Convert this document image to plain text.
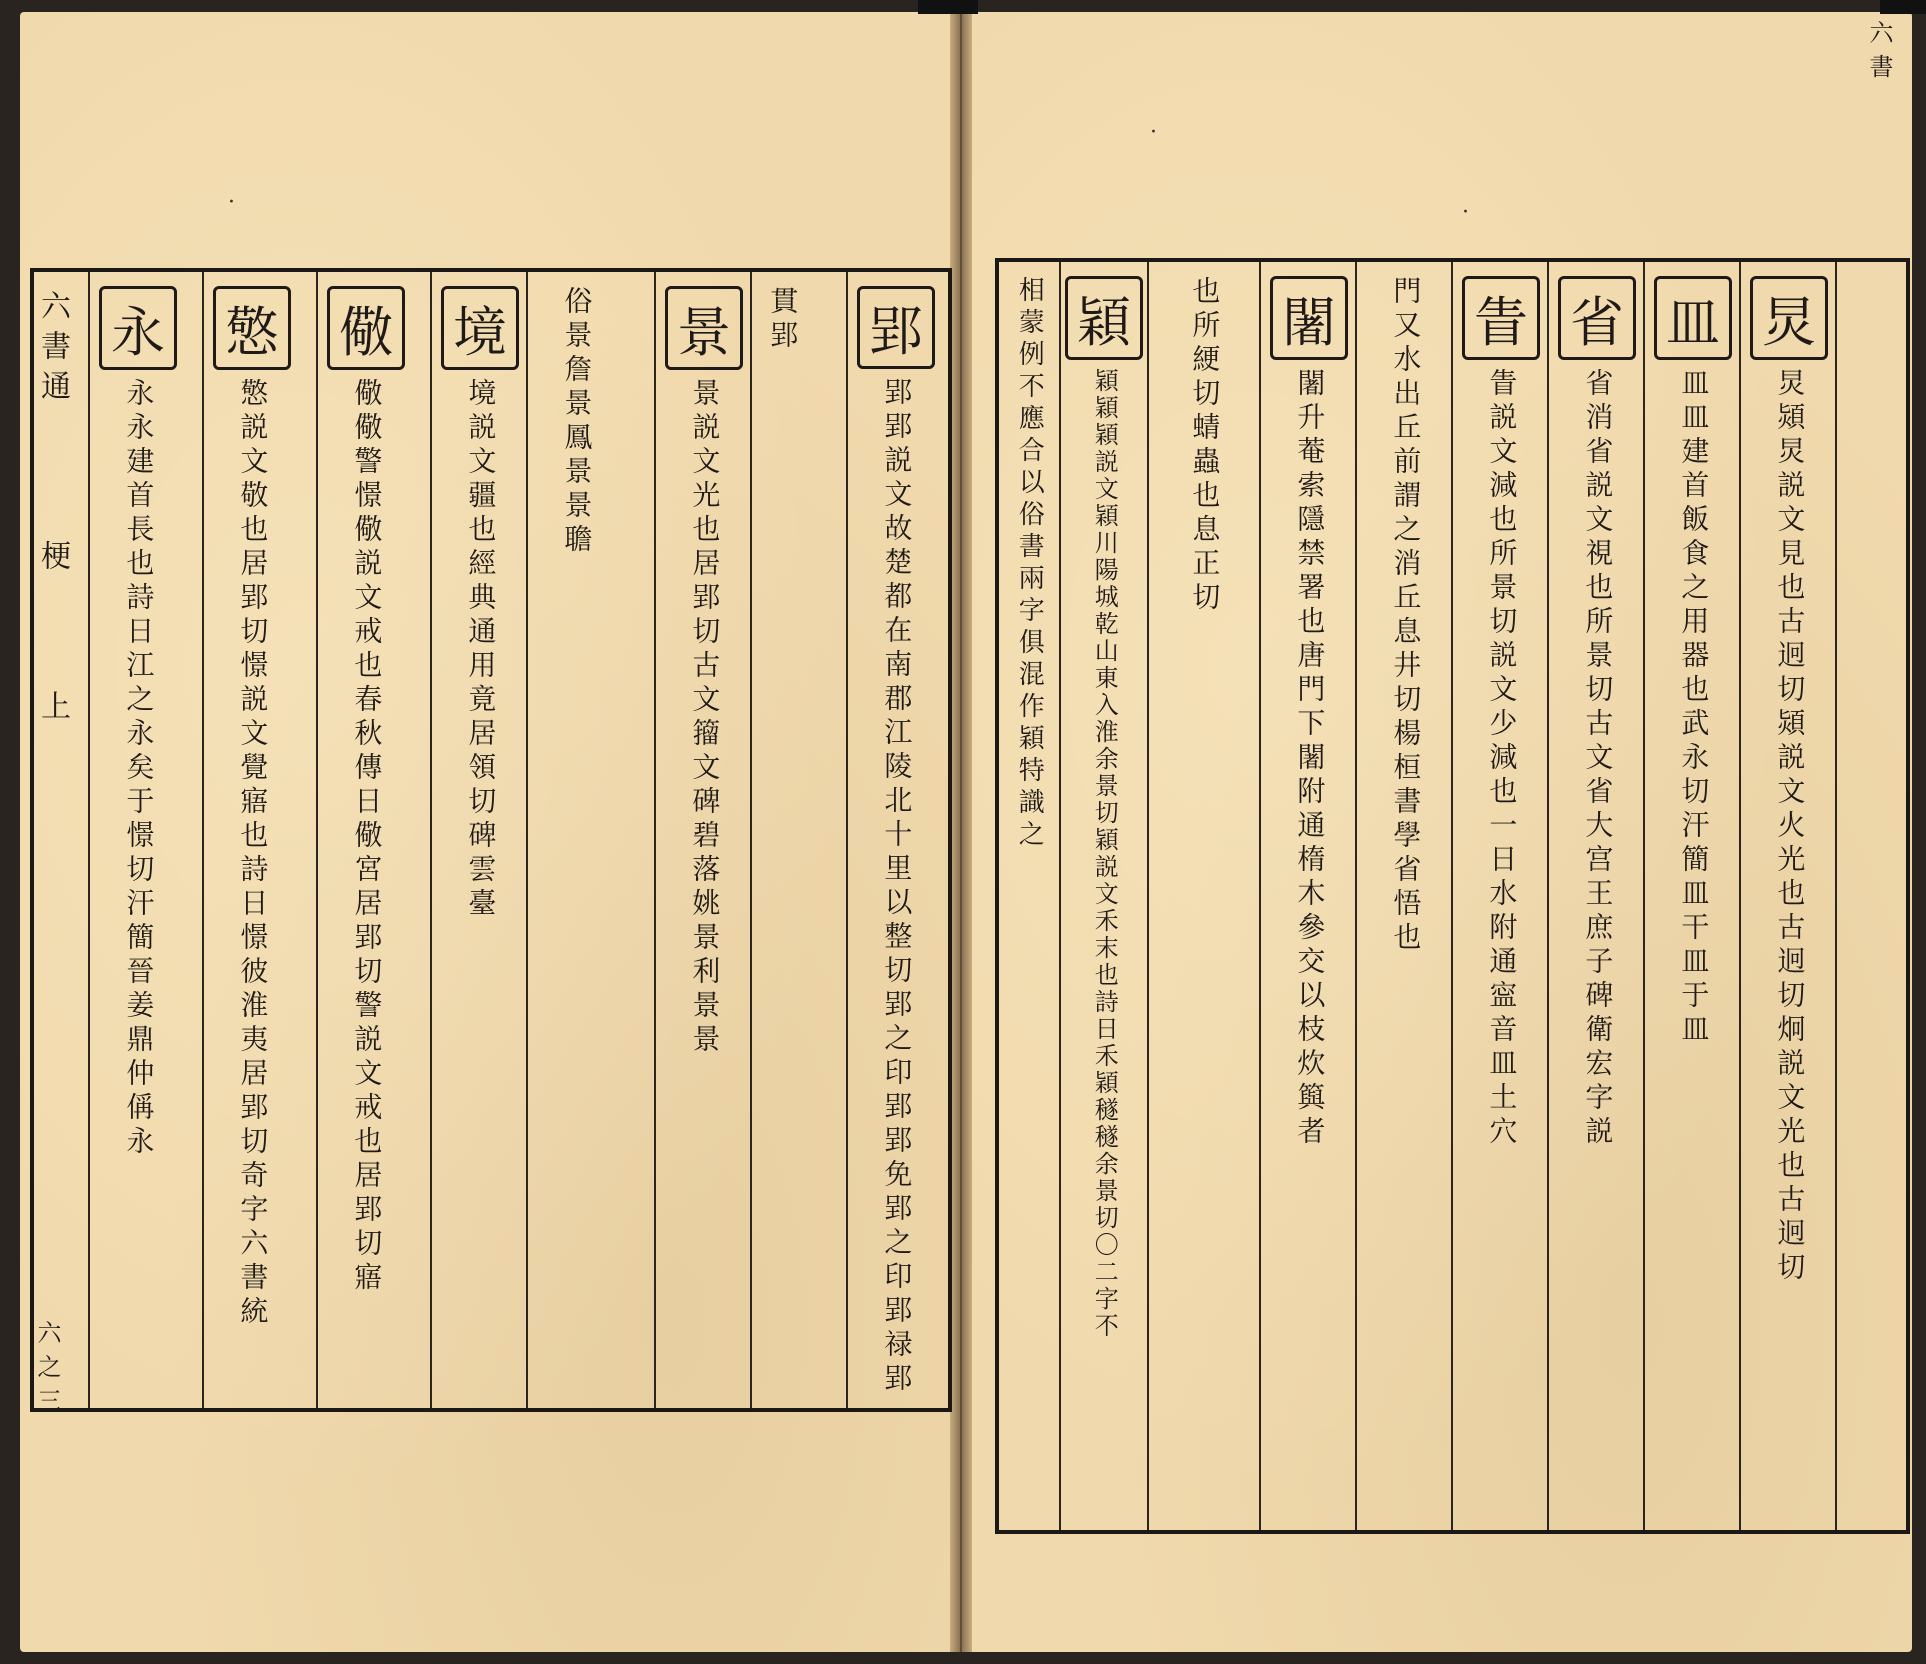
·
·
·
郢
郢郢説文故楚都在南郡江陵北十里以整切郢之印郢郢免郢之印郢禄郢
貫郢
景
景説文光也居郢切古文籀文碑碧落姚景利景景
俗景詹景鳳景景聸
境
境説文疆也經典通用竟居領切碑雲臺
儆
儆儆警憬儆説文戒也春秋傳日儆宮居郢切警説文戒也居郢切寤
憼
憼説文敬也居郢切憬説文覺寤也詩日憬彼淮夷居郢切奇字六書統
永
永永建首長也詩日江之永矣于憬切汗簡晉姜鼎仲偁永
六書通
梗
上
六之三
炅
炅熲炅説文見也古迥切熲説文火光也古迥切炯説文光也古迥切
皿
皿皿建首飯食之用器也武永切汗簡皿干皿于皿
省
省消省説文視也所景切古文省大宫王庶子碑衛宏字説
眚
眚説文減也所景切説文少減也一日水附通寍音皿土穴
門又水出丘前謂之消丘息井切楊桓書學省悟也
闍
闍升菴索隱禁署也唐門下闍附通楕木參交以枝炊籅者
也所綆切蜻蟲也息正切
穎
穎穎穎説文穎川陽城乾山東入淮余景切穎説文禾末也詩日禾穎穟穟余景切〇二字不
相蒙例不應合以俗書兩字俱混作穎特識之
六書
